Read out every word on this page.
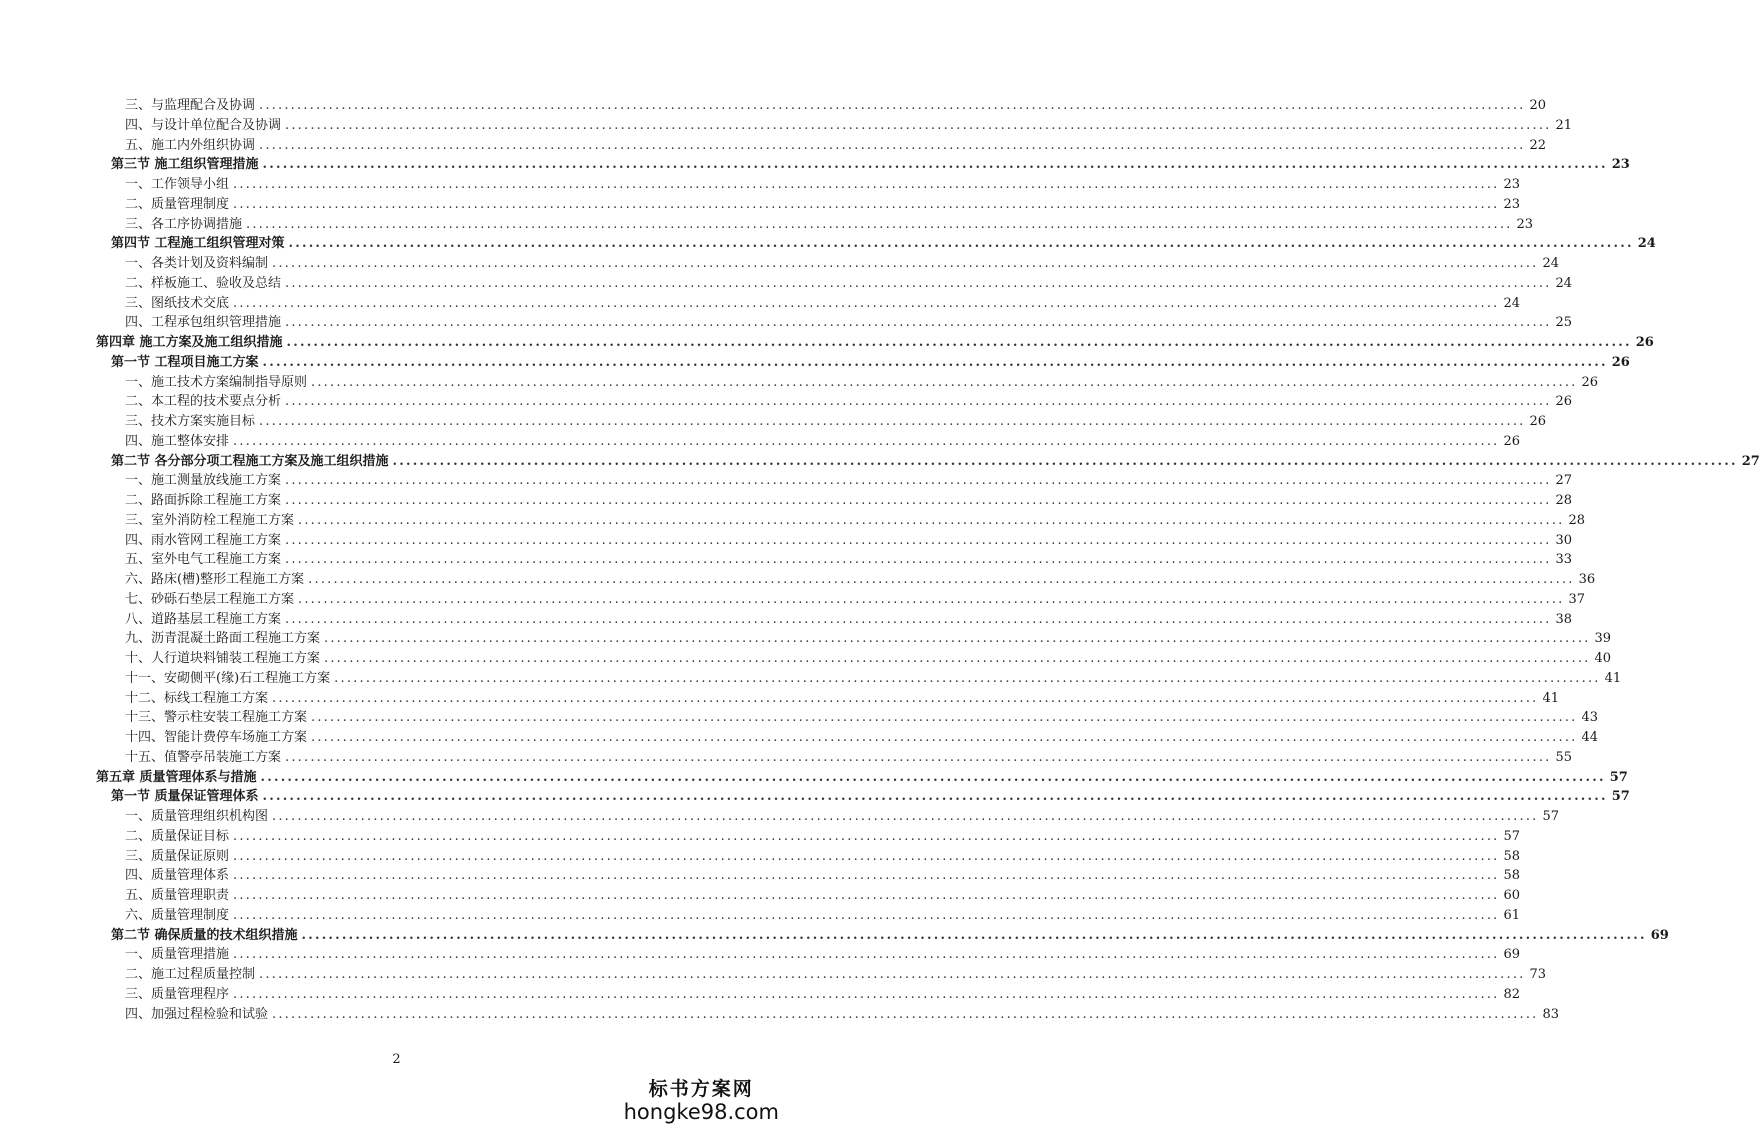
三、与监理配合及协调 ........................................................................................................................................................................................................ 20
四、与设计单位配合及协调 ........................................................................................................................................................................................................ 21
五、施工内外组织协调 ........................................................................................................................................................................................................ 22
第三节 施工组织管理措施 ........................................................................................................................................................................................................ 23
一、工作领导小组 ........................................................................................................................................................................................................ 23
二、质量管理制度 ........................................................................................................................................................................................................ 23
三、各工序协调措施 ........................................................................................................................................................................................................ 23
第四节 工程施工组织管理对策 ........................................................................................................................................................................................................ 24
一、各类计划及资料编制 ........................................................................................................................................................................................................ 24
二、样板施工、验收及总结 ........................................................................................................................................................................................................ 24
三、图纸技术交底 ........................................................................................................................................................................................................ 24
四、工程承包组织管理措施 ........................................................................................................................................................................................................ 25
第四章 施工方案及施工组织措施 ........................................................................................................................................................................................................ 26
第一节 工程项目施工方案 ........................................................................................................................................................................................................ 26
一、施工技术方案编制指导原则 ........................................................................................................................................................................................................ 26
二、本工程的技术要点分析 ........................................................................................................................................................................................................ 26
三、技术方案实施目标 ........................................................................................................................................................................................................ 26
四、施工整体安排 ........................................................................................................................................................................................................ 26
第二节 各分部分项工程施工方案及施工组织措施 ........................................................................................................................................................................................................ 27
一、施工测量放线施工方案 ........................................................................................................................................................................................................ 27
二、路面拆除工程施工方案 ........................................................................................................................................................................................................ 28
三、室外消防栓工程施工方案 ........................................................................................................................................................................................................ 28
四、雨水管网工程施工方案 ........................................................................................................................................................................................................ 30
五、室外电气工程施工方案 ........................................................................................................................................................................................................ 33
六、路床(槽)整形工程施工方案 ........................................................................................................................................................................................................ 36
七、砂砾石垫层工程施工方案 ........................................................................................................................................................................................................ 37
八、道路基层工程施工方案 ........................................................................................................................................................................................................ 38
九、沥青混凝土路面工程施工方案 ........................................................................................................................................................................................................ 39
十、人行道块料铺装工程施工方案 ........................................................................................................................................................................................................ 40
十一、安砌侧平(缘)石工程施工方案 ........................................................................................................................................................................................................ 41
十二、标线工程施工方案 ........................................................................................................................................................................................................ 41
十三、警示柱安装工程施工方案 ........................................................................................................................................................................................................ 43
十四、智能计费停车场施工方案 ........................................................................................................................................................................................................ 44
十五、值警亭吊装施工方案 ........................................................................................................................................................................................................ 55
第五章 质量管理体系与措施 ........................................................................................................................................................................................................ 57
第一节 质量保证管理体系 ........................................................................................................................................................................................................ 57
一、质量管理组织机构图 ........................................................................................................................................................................................................ 57
二、质量保证目标 ........................................................................................................................................................................................................ 57
三、质量保证原则 ........................................................................................................................................................................................................ 58
四、质量管理体系 ........................................................................................................................................................................................................ 58
五、质量管理职责 ........................................................................................................................................................................................................ 60
六、质量管理制度 ........................................................................................................................................................................................................ 61
第二节 确保质量的技术组织措施 ........................................................................................................................................................................................................ 69
一、质量管理措施 ........................................................................................................................................................................................................ 69
二、施工过程质量控制 ........................................................................................................................................................................................................ 73
三、质量管理程序 ........................................................................................................................................................................................................ 82
四、加强过程检验和试验 ........................................................................................................................................................................................................ 83
2
标书方案网
hongke98.com
